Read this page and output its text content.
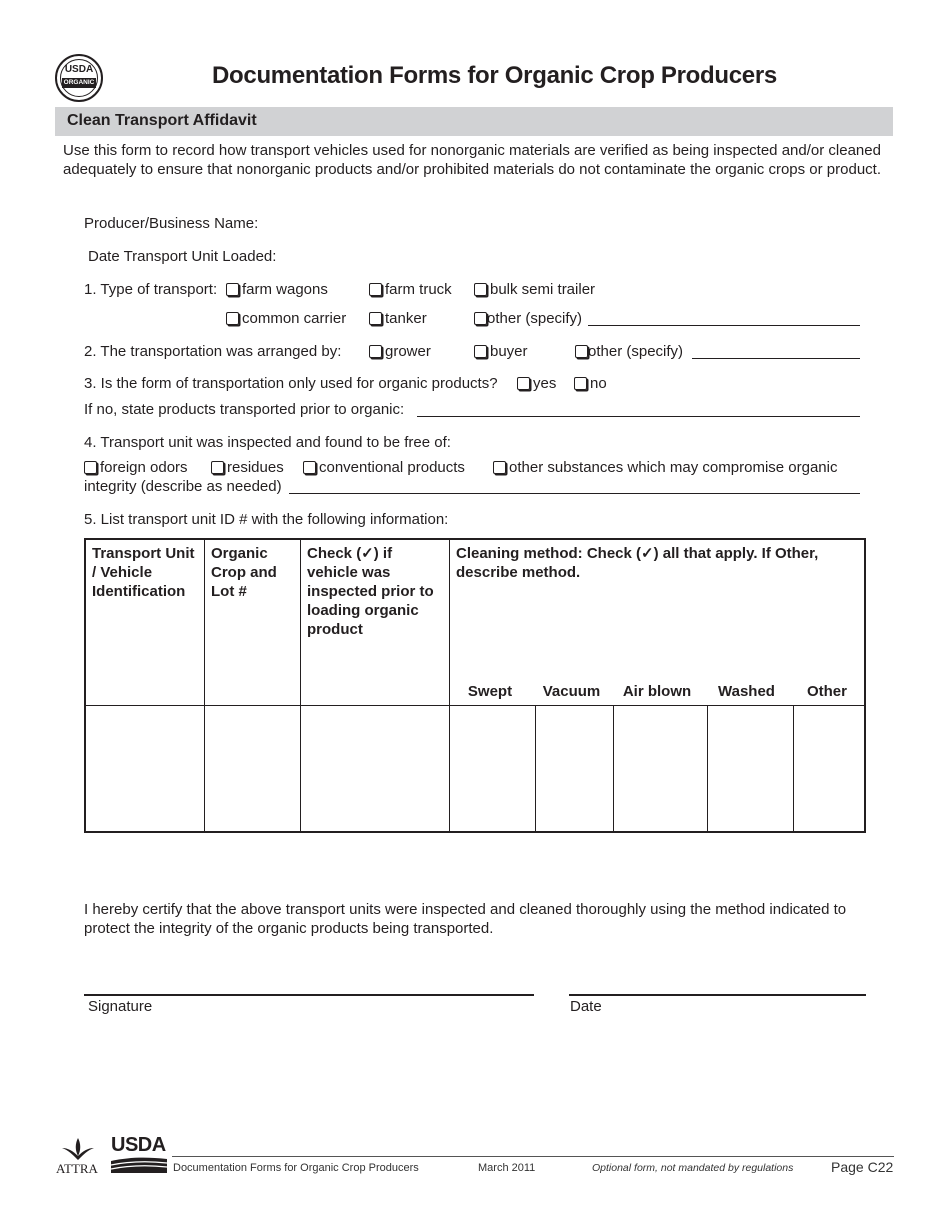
USDA
ORGANIC	Documentation Forms for Organic Crop Producers
Clean Transport Affidavit
Use this form to record how transport vehicles used for nonorganic materials are verified as being inspected and/or cleaned adequately to ensure that nonorganic products and/or prohibited materials do not contaminate the organic crops or product.
Producer/Business Name:
Date Transport Unit Loaded:
1. Type of transport:	farm wagons	farm truck	bulk semi trailer
common carrier	tanker	other (specify)
2. The transportation was arranged by:	grower	buyer	other (specify)
3. Is the form of transportation only used for organic products?	yes	no
If no, state products transported prior to organic:
4. Transport unit was inspected and found to be free of:
foreign odors	residues	conventional products	other substances which may compromise organic
integrity (describe as needed)
5. List transport unit ID # with the following information:
Transport Unit / Vehicle Identification	Organic Crop and Lot #	Check (✓) if vehicle was inspected prior to loading organic product	Cleaning method: Check (✓) all that apply. If Other, describe method.				

Swept	Vacuum	Air blown	Washed	Other
I hereby certify that the above transport units were inspected and cleaned thoroughly using the method indicated to protect the integrity of the organic products being transported.
Signature	Date
ATTRA
USDA
Documentation Forms for Organic Crop Producers	March 2011	Optional form, not mandated by regulations	Page C22
